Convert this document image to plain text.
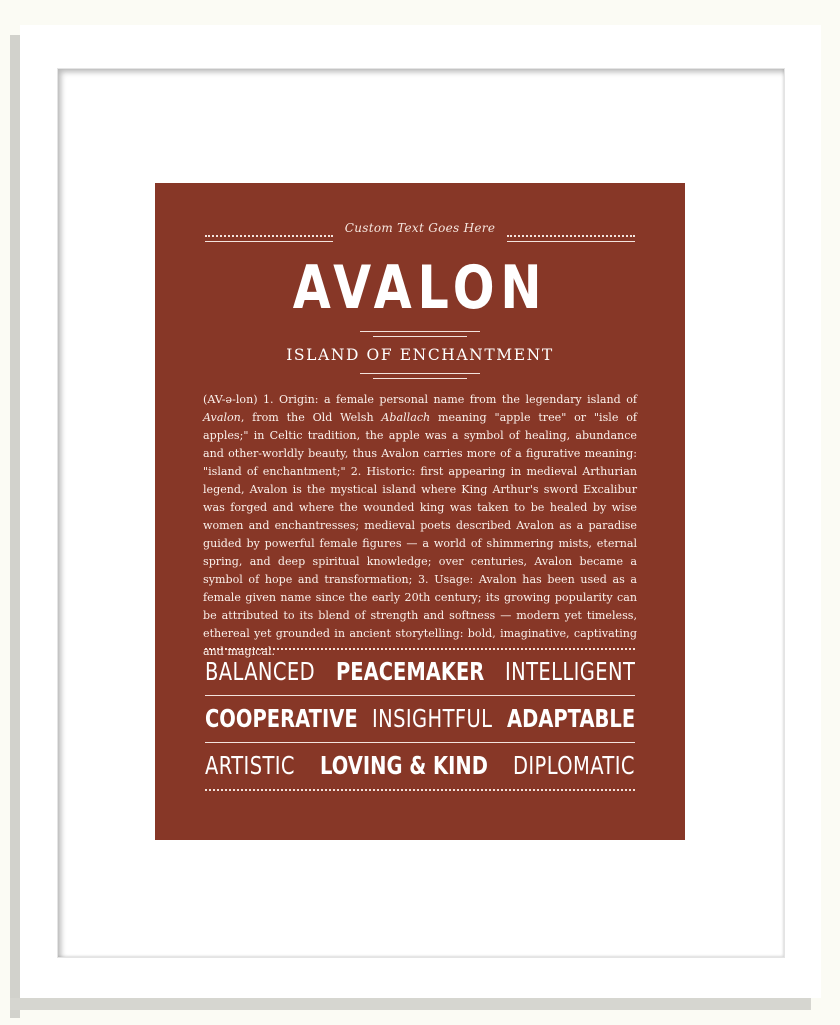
Custom Text Goes Here
AVALON
ISLAND OF ENCHANTMENT
(AV-ə-lon) 1. Origin: a female personal name from the legendary island of Avalon, from the Old Welsh Aballach meaning "apple tree" or "isle of apples;" in Celtic tradition, the apple was a symbol of healing, abundance and other-worldly beauty, thus Avalon carries more of a figurative meaning: "island of enchantment;" 2. Historic: first appearing in medieval Arthurian legend, Avalon is the mystical island where King Arthur's sword Excalibur was forged and where the wounded king was taken to be healed by wise women and enchantresses; medieval poets described Avalon as a paradise guided by powerful female figures — a world of shimmering mists, eternal spring, and deep spiritual knowledge; over centuries, Avalon became a symbol of hope and transformation; 3. Usage: Avalon has been used as a female given name since the early 20th century; its growing popularity can be attributed to its blend of strength and softness — modern yet timeless, ethereal yet grounded in ancient storytelling: bold, imaginative, captivating and magical.
BALANCED PEACEMAKER INTELLIGENT
COOPERATIVE INSIGHTFUL ADAPTABLE
ARTISTIC LOVING & KIND DIPLOMATIC
